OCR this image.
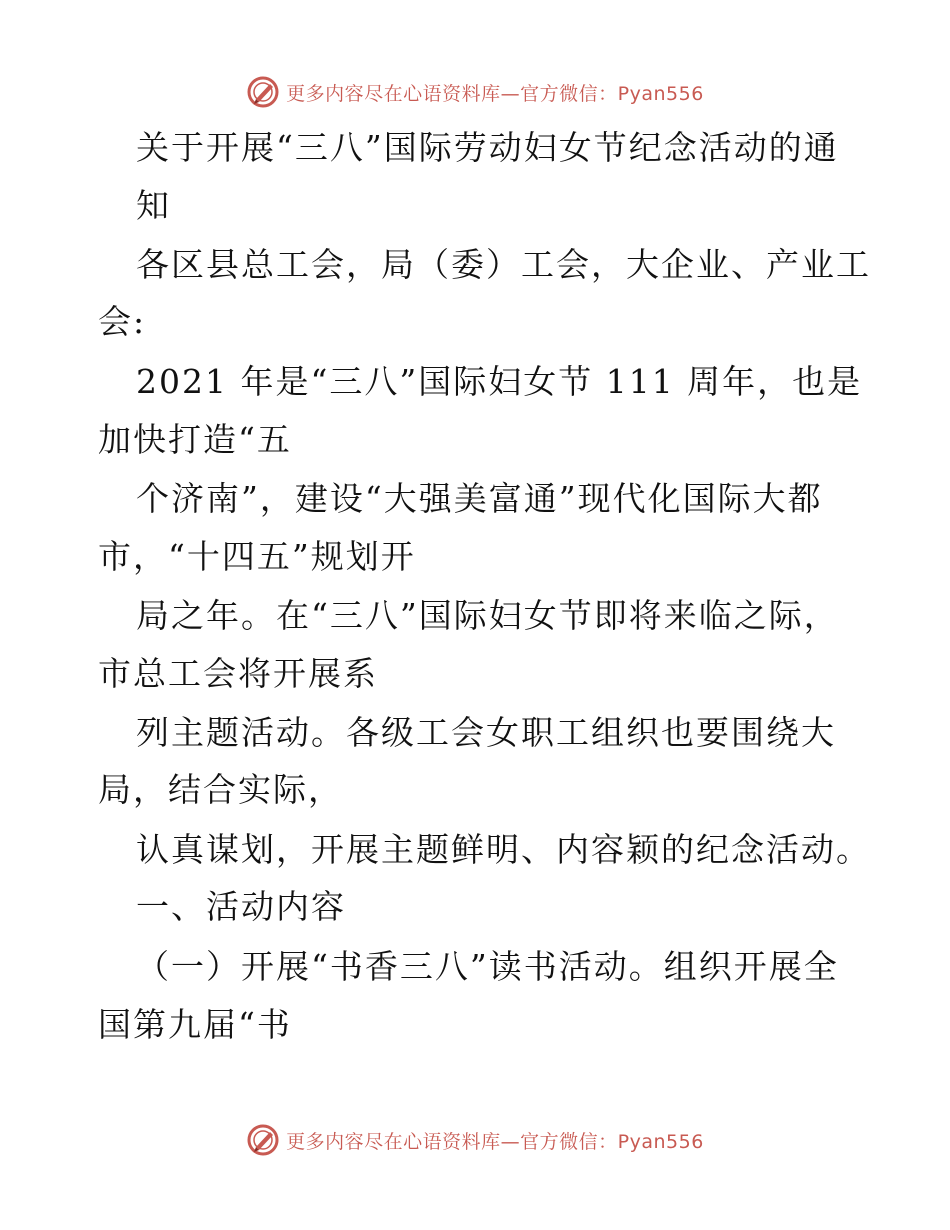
更多内容尽在心语资料库—官方微信：Pyan556
关于开展“三八”国际劳动妇女节纪念活动的通
知
各区县总工会，局（委）工会，大企业、产业工
会:
2021 年是“三八”国际妇女节 111 周年，也是
加快打造“五
个济南”，建设“大强美富通”现代化国际大都
市，“十四五”规划开
局之年。在“三八”国际妇女节即将来临之际，
市总工会将开展系
列主题活动。各级工会女职工组织也要围绕大
局，结合实际，
认真谋划，开展主题鲜明、内容颖的纪念活动。
一、活动内容
（一）开展“书香三八”读书活动。组织开展全
国第九届“书
更多内容尽在心语资料库—官方微信：Pyan556
